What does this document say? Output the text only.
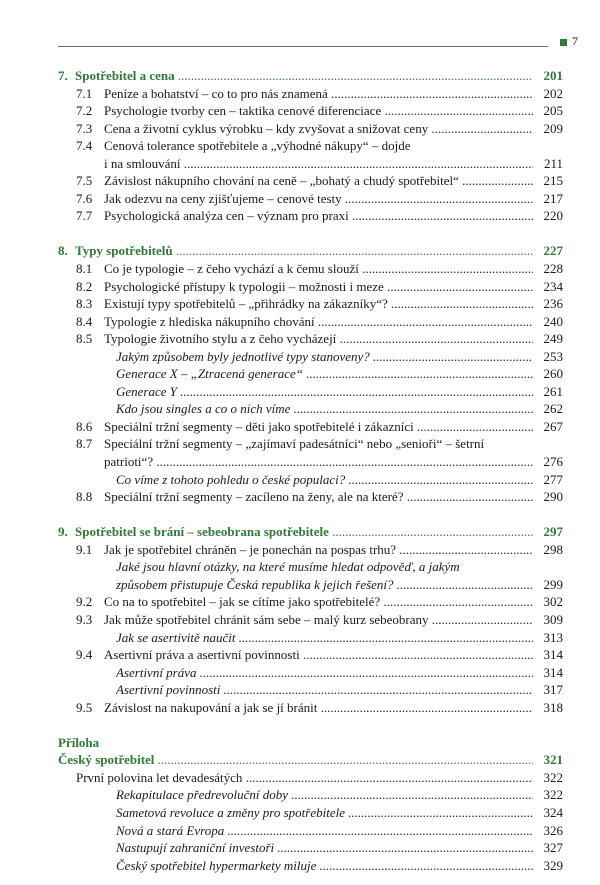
7
7. Spotřebitel a cena .....	201
7.1 Peníze a bohatství – co to pro nás znamená .....	202
7.2 Psychologie tvorby cen – taktika cenové diferenciace .....	205
7.3 Cena a životní cyklus výrobku – kdy zvyšovat a snižovat ceny .....	209
7.4 Cenová tolerance spotřebitele a „výhodné nákupy“ – dojde
i na smlouvání .....	211
7.5 Závislost nákupního chování na ceně – „bohatý a chudý spotřebitel“ .....	215
7.6 Jak odezvu na ceny zjišťujeme – cenové testy .....	217
7.7 Psychologická analýza cen – význam pro praxi .....	220
8. Typy spotřebitelů .....	227
8.1 Co je typologie – z čeho vychází a k čemu slouží .....	228
8.2 Psychologické přístupy k typologii – možnosti i meze .....	234
8.3 Existují typy spotřebitelů – „přihrádky na zákazníky“? .....	236
8.4 Typologie z hlediska nákupního chování .....	240
8.5 Typologie životního stylu a z čeho vycházejí .....	249
Jakým způsobem byly jednotlivé typy stanoveny? .....	253
Generace X – „Ztracená generace“ .....	260
Generace Y .....	261
Kdo jsou singles a co o nich víme .....	262
8.6 Speciální tržní segmenty – děti jako spotřebitelé i zákazníci .....	267
8.7 Speciální tržní segmenty – „zajímaví padesátníci“ nebo „senioři“ – šetrní
patrioti“? .....	276
Co víme z tohoto pohledu o české populaci? .....	277
8.8 Speciální tržní segmenty – zacíleno na ženy, ale na které? .....	290
9. Spotřebitel se brání – sebeobrana spotřebitele .....	297
9.1 Jak je spotřebitel chráněn – je ponechán na pospas trhu? .....	298
Jaké jsou hlavní otázky, na které musíme hledat odpověď, a jakým
způsobem přistupuje Česká republika k jejich řešení? .....	299
9.2 Co na to spotřebitel – jak se cítíme jako spotřebitelé? .....	302
9.3 Jak může spotřebitel chránit sám sebe – malý kurz sebeobrany .....	309
Jak se asertivitě naučit .....	313
9.4 Asertivní práva a asertivní povinnosti .....	314
Asertivní práva .....	314
Asertivní povinnosti .....	317
9.5 Závislost na nakupování a jak se jí bránit .....	318
Příloha
Český spotřebitel .....	321
První polovina let devadesátých .....	322
Rekapitulace předrevoluční doby .....	322
Sametová revoluce a změny pro spotřebitele .....	324
Nová a stará Evropa .....	326
Nastupují zahraniční investoři .....	327
Český spotřebitel hypermarkety miluje .....	329
